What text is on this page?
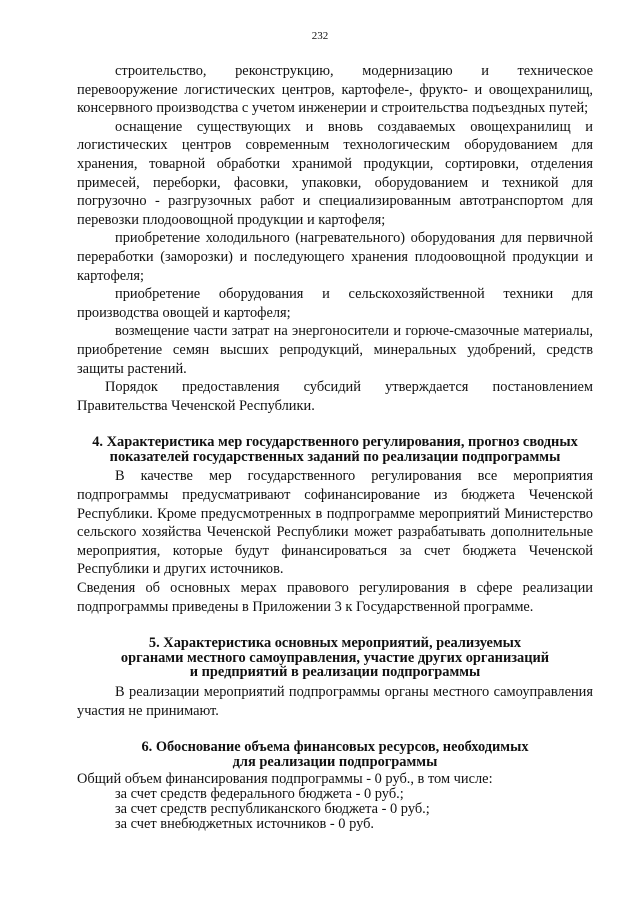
232

строительство, реконструкцию, модернизацию и техническое перевооружение логистических центров, картофеле-, фрукто- и овощехранилищ, консервного производства с учетом инженерии и строительства подъездных путей;

оснащение существующих и вновь создаваемых овощехранилищ и логистических центров современным технологическим оборудованием для хранения, товарной обработки хранимой продукции, сортировки, отделения примесей, переборки, фасовки, упаковки, оборудованием и техникой для погрузочно - разгрузочных работ и специализированным автотранспортом для перевозки плодоовощной продукции и картофеля;

приобретение холодильного (нагревательного) оборудования для первичной переработки (заморозки) и последующего хранения плодоовощной продукции и картофеля;

приобретение оборудования и сельскохозяйственной техники для производства овощей и картофеля;

возмещение части затрат на энергоносители и горюче-смазочные материалы, приобретение семян высших репродукций, минеральных удобрений, средств защиты растений.

Порядок предоставления субсидий утверждается постановлением Правительства Чеченской Республики.

4. Характеристика мер государственного регулирования, прогноз сводных

показателей государственных заданий по реализации подпрограммы

В качестве мер государственного регулирования все мероприятия подпрограммы предусматривают софинансирование из бюджета Чеченской Республики. Кроме предусмотренных в подпрограмме мероприятий Министерство сельского хозяйства Чеченской Республики может разрабатывать дополнительные мероприятия, которые будут финансироваться за счет бюджета Чеченской Республики и других источников.

Сведения об основных мерах правового регулирования в сфере реализации подпрограммы приведены в Приложении 3 к Государственной программе.

5. Характеристика основных мероприятий, реализуемых

органами местного самоуправления, участие других организаций

и предприятий в реализации подпрограммы

В реализации мероприятий подпрограммы органы местного самоуправления участия не принимают.

6. Обоснование объема финансовых ресурсов, необходимых

для реализации подпрограммы

Общий объем финансирования подпрограммы - 0 руб., в том числе:

за счет средств федерального бюджета - 0 руб.;

за счет средств республиканского бюджета - 0 руб.;

за счет внебюджетных источников - 0 руб.
